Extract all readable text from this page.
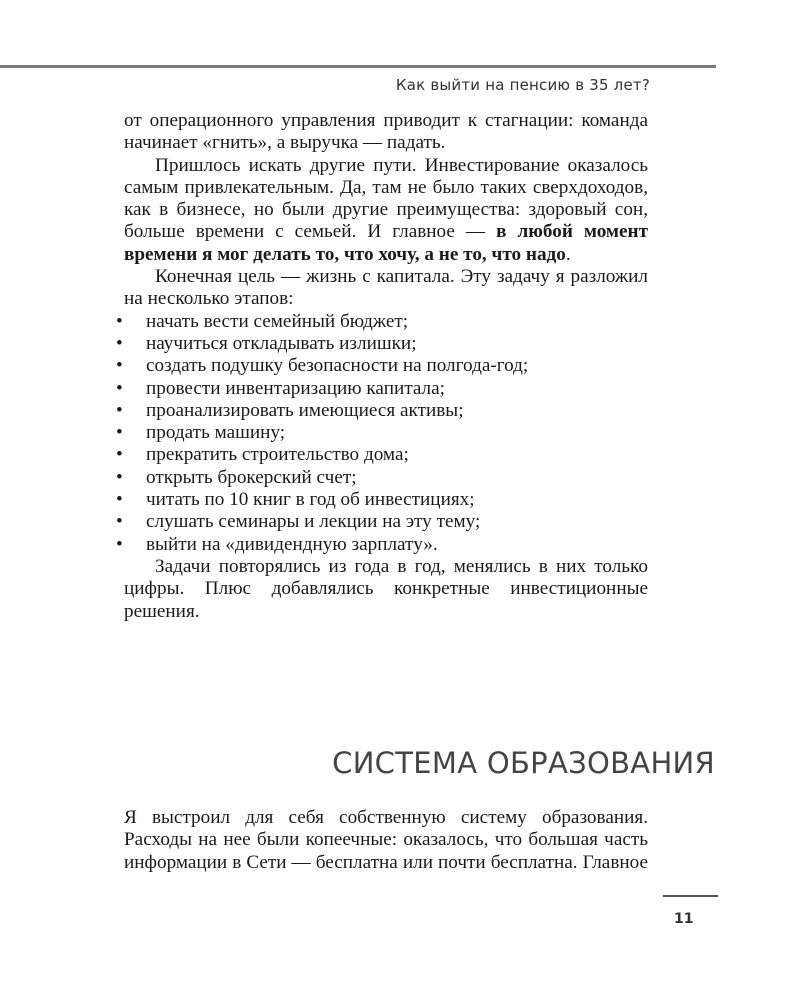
Как выйти на пенсию в 35 лет?

от операционного управления приводит к стагнации: команда начинает «гнить», а выручка — падать.

Пришлось искать другие пути. Инвестирование оказалось самым привлекательным. Да, там не было таких сверхдоходов, как в бизнесе, но были другие преимущества: здоровый сон, больше времени с семьей. И главное — в любой момент времени я мог делать то, что хочу, а не то, что надо.

Конечная цель — жизнь с капитала. Эту задачу я разложил на несколько этапов:

• начать вести семейный бюджет;
• научиться откладывать излишки;
• создать подушку безопасности на полгода-год;
• провести инвентаризацию капитала;
• проанализировать имеющиеся активы;
• продать машину;
• прекратить строительство дома;
• открыть брокерский счет;
• читать по 10 книг в год об инвестициях;
• слушать семинары и лекции на эту тему;
• выйти на «дивидендную зарплату».

Задачи повторялись из года в год, менялись в них только цифры. Плюс добавлялись конкретные инвестиционные решения.

СИСТЕМА ОБРАЗОВАНИЯ

Я выстроил для себя собственную систему образования. Расходы на нее были копеечные: оказалось, что большая часть информации в Сети — бесплатна или почти бесплатна. Главное

11
